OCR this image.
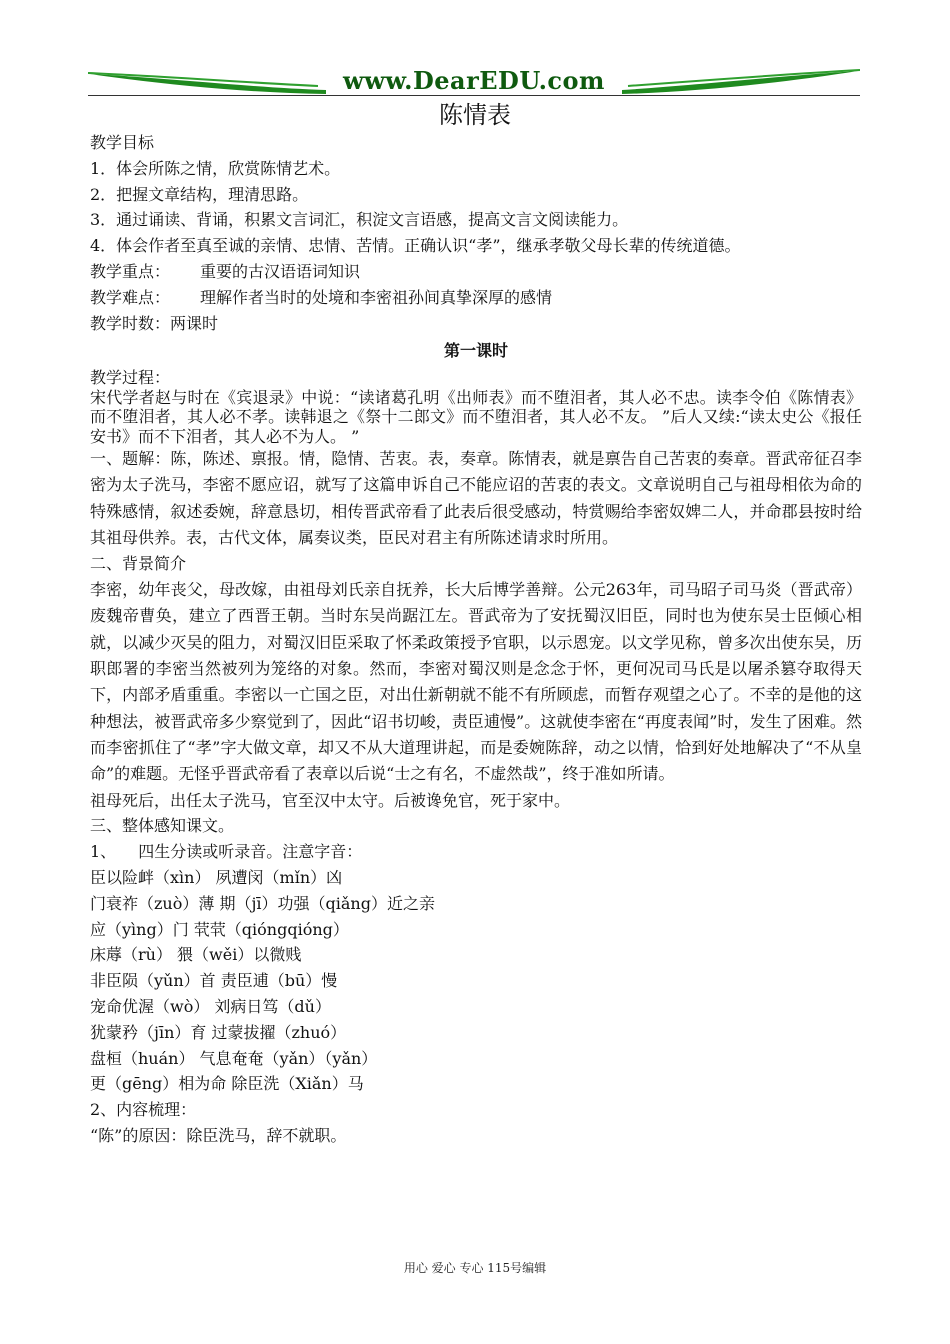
www.DearEDU.com
陈情表

教学目标

1．体会所陈之情，欣赏陈情艺术。

2．把握文章结构，理清思路。

3．通过诵读、背诵，积累文言词汇，积淀文言语感，提高文言文阅读能力。

4．体会作者至真至诚的亲情、忠情、苦情。正确认识“孝”，继承孝敬父母长辈的传统道德。

教学重点： 重要的古汉语语词知识

教学难点： 理解作者当时的处境和李密祖孙间真挚深厚的感情

教学时数：两课时

第一课时

教学过程：

宋代学者赵与时在《宾退录》中说：“读诸葛孔明《出师表》而不堕泪者，其人必不忠。读李令伯《陈情表》而不堕泪者，其人必不孝。读韩退之《祭十二郎文》而不堕泪者，其人必不友。 ”后人又续:“读太史公《报任安书》而不下泪者，其人必不为人。 ”

一、题解：陈，陈述、禀报。情，隐情、苦衷。表，奏章。陈情表，就是禀告自己苦衷的奏章。晋武帝征召李密为太子洗马，李密不愿应诏，就写了这篇申诉自己不能应诏的苦衷的表文。文章说明自己与祖母相依为命的特殊感情，叙述委婉，辞意恳切，相传晋武帝看了此表后很受感动，特赏赐给李密奴婢二人，并命郡县按时给其祖母供养。表，古代文体，属奏议类，臣民对君主有所陈述请求时所用。

二、背景简介

李密，幼年丧父，母改嫁，由祖母刘氏亲自抚养，长大后博学善辩。公元263年，司马昭子司马炎（晋武帝）废魏帝曹奂，建立了西晋王朝。当时东吴尚踞江左。晋武帝为了安抚蜀汉旧臣，同时也为使东吴士臣倾心相就，以减少灭吴的阻力，对蜀汉旧臣采取了怀柔政策授予官职，以示恩宠。以文学见称，曾多次出使东吴，历职郎署的李密当然被列为笼络的对象。然而，李密对蜀汉则是念念于怀，更何况司马氏是以屠杀篡夺取得天下，内部矛盾重重。李密以一亡国之臣，对出仕新朝就不能不有所顾虑，而暂存观望之心了。不幸的是他的这种想法，被晋武帝多少察觉到了，因此“诏书切峻，责臣逋慢”。这就使李密在“再度表闻”时，发生了困难。然而李密抓住了“孝”字大做文章，却又不从大道理讲起，而是委婉陈辞，动之以情，恰到好处地解决了“不从皇命”的难题。无怪乎晋武帝看了表章以后说“士之有名，不虚然哉”，终于准如所请。

祖母死后，出任太子洗马，官至汉中太守。后被谗免官，死于家中。

三、整体感知课文。

1、 四生分读或听录音。注意字音：

臣以险衅（xìn） 夙遭闵（mǐn）凶

门衰祚（zuò）薄 期（jī）功强（qiǎng）近之亲

应（yìng）门 茕茕（qióngqióng）

床蓐（rù） 猥（wěi）以微贱

非臣陨（yǔn）首 责臣逋（bū）慢

宠命优渥（wò） 刘病日笃（dǔ）

犹蒙矜（jīn）育 过蒙拔擢（zhuó）

盘桓（huán） 气息奄奄（yǎn）（yǎn）

更（gēng）相为命 除臣洗（Xiǎn）马

2、内容梳理：

“陈”的原因：除臣洗马，辞不就职。

用心 爱心 专心 115号编辑
